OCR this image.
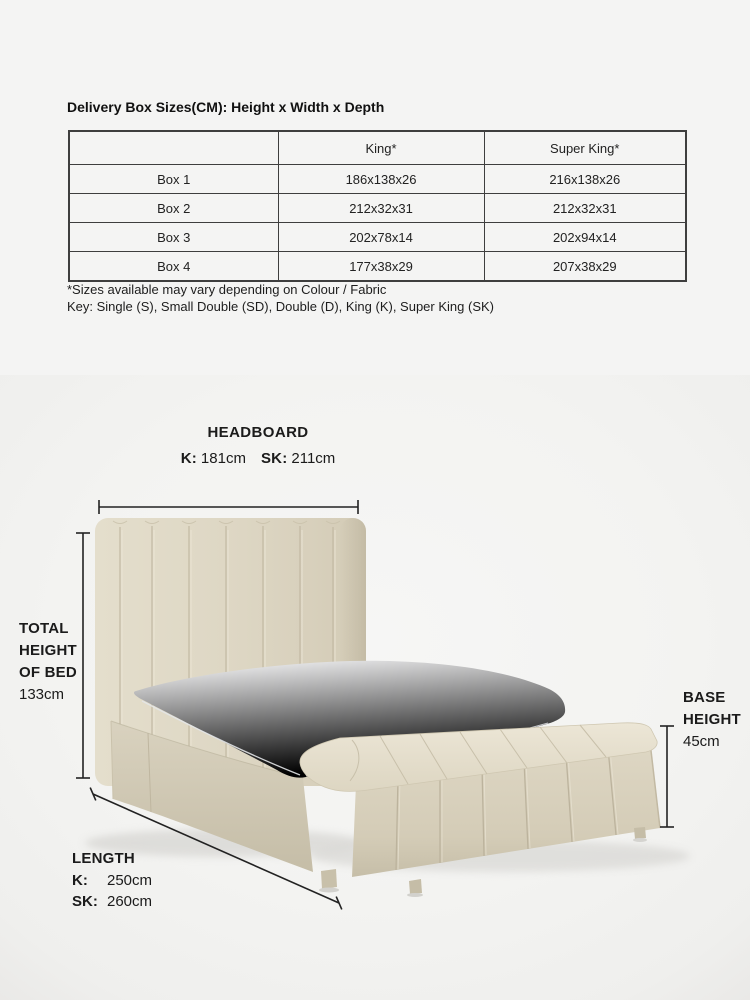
Delivery Box Sizes(CM): Height x Width x Depth
	King*	Super King*
Box 1	186x138x26	216x138x26
Box 2	212x32x31	212x32x31
Box 3	202x78x14	202x94x14
Box 4	177x38x29	207x38x29
*Sizes available may vary depending on Colour / Fabric
Key: Single (S), Small Double (SD), Double (D), King (K), Super King (SK)
HEADBOARD
K: 181cm SK: 211cm
TOTAL
HEIGHT
OF BED
133cm	BASE
HEIGHT
45cm
LENGTH
K: 250cm
SK: 260cm
